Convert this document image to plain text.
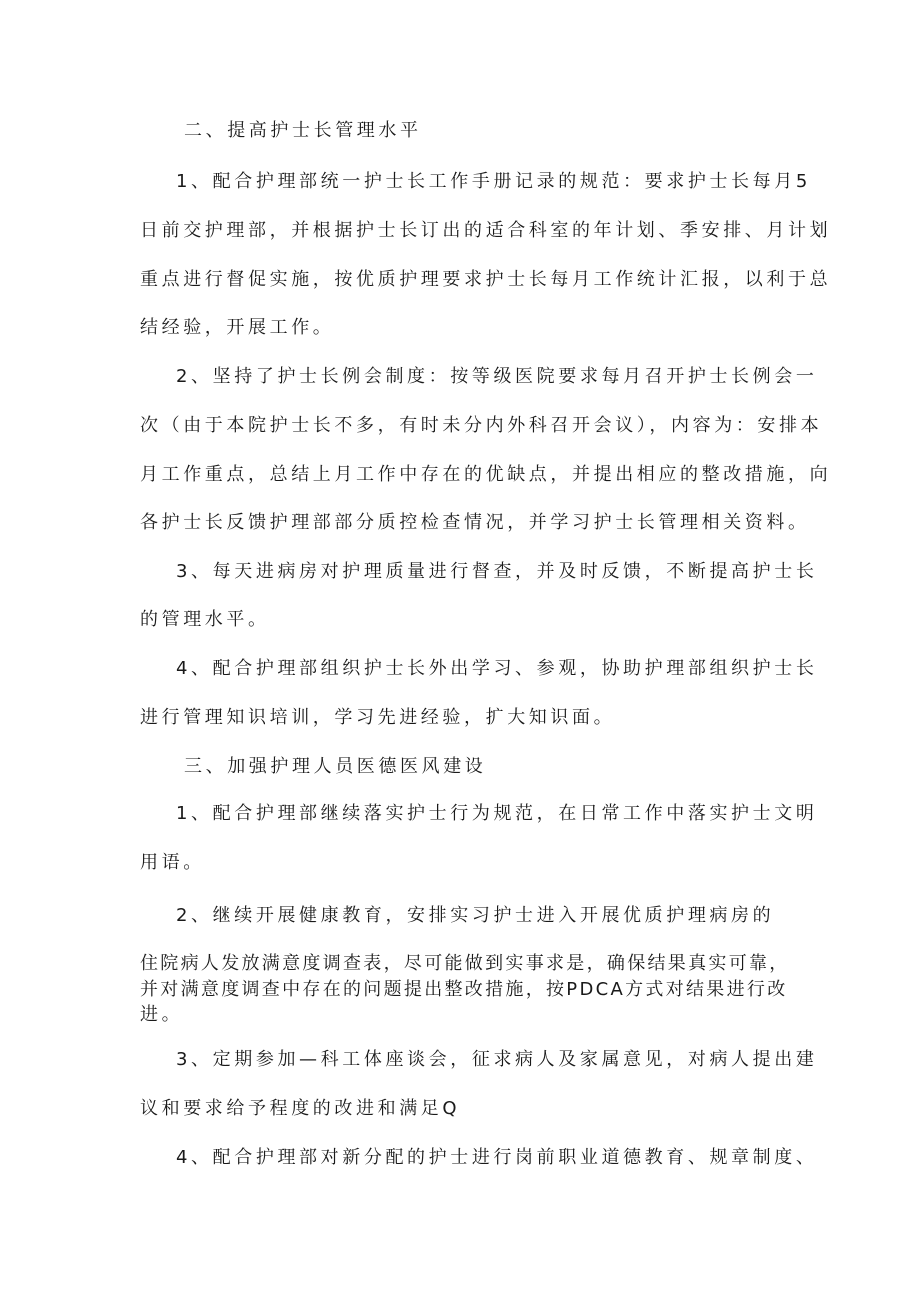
二、提高护士长管理水平
1、配合护理部统一护士长工作手册记录的规范：要求护士长每月5
日前交护理部，并根据护士长订出的适合科室的年计划、季安排、月计划
重点进行督促实施，按优质护理要求护士长每月工作统计汇报，以利于总
结经验，开展工作。
2、坚持了护士长例会制度：按等级医院要求每月召开护士长例会一
次（由于本院护士长不多，有时未分内外科召开会议），内容为：安排本
月工作重点，总结上月工作中存在的优缺点，并提出相应的整改措施，向
各护士长反馈护理部部分质控检查情况，并学习护士长管理相关资料。
3、每天进病房对护理质量进行督查，并及时反馈，不断提高护士长
的管理水平。
4、配合护理部组织护士长外出学习、参观，协助护理部组织护士长
进行管理知识培训，学习先进经验，扩大知识面。
三、加强护理人员医德医风建设
1、配合护理部继续落实护士行为规范，在日常工作中落实护士文明
用语。
2、继续开展健康教育，安排实习护士进入开展优质护理病房的
住院病人发放满意度调查表，尽可能做到实事求是，确保结果真实可靠，
并对满意度调查中存在的问题提出整改措施，按PDCA方式对结果进行改
进。
3、定期参加—科工体座谈会，征求病人及家属意见，对病人提出建
议和要求给予程度的改进和满足Q
4、配合护理部对新分配的护士进行岗前职业道德教育、规章制度、
